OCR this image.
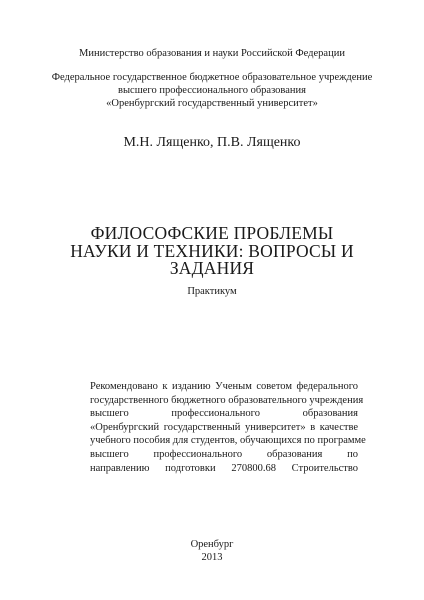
Министерство образования и науки Российской Федерации
Федеральное государственное бюджетное образовательное учреждение
высшего профессионального образования
«Оренбургский государственный университет»
М.Н. Лященко, П.В. Лященко
ФИЛОСОФСКИЕ ПРОБЛЕМЫ
НАУКИ И ТЕХНИКИ: ВОПРОСЫ И
ЗАДАНИЯ
Практикум
Рекомендовано к изданию Ученым советом федерального
государственного бюджетного образовательного учреждения
высшего профессионального образования
«Оренбургский государственный университет» в качестве
учебного пособия для студентов, обучающихся по программе
высшего профессионального образования по
направлению подготовки 270800.68 Строительство
Оренбург
2013
